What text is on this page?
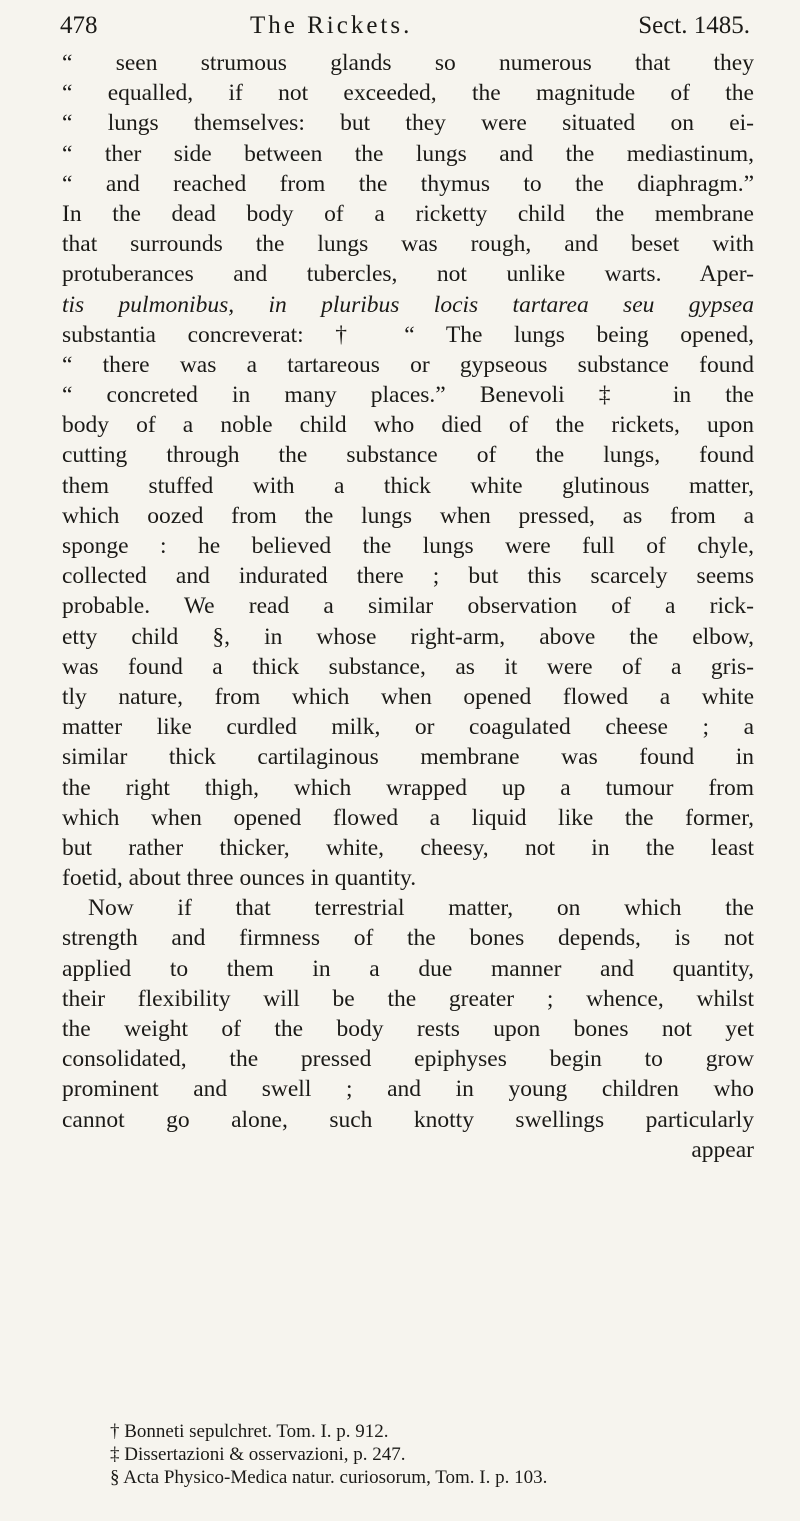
478	The Rickets.	Sect. 1485.
“ seen strumous glands so numerous that they
“ equalled, if not exceeded, the magnitude of the
“ lungs themselves: but they were situated on ei-
“ ther side between the lungs and the mediastinum,
“ and reached from the thymus to the diaphragm.”
In the dead body of a ricketty child the membrane
that surrounds the lungs was rough, and beset with
protuberances and tubercles, not unlike warts. Aper-
tis pulmonibus, in pluribus locis tartarea seu gypsea
substantia concreverat: † “ The lungs being opened,
“ there was a tartareous or gypseous substance found
“ concreted in many places.” Benevoli ‡ in the
body of a noble child who died of the rickets, upon
cutting through the substance of the lungs, found
them stuffed with a thick white glutinous matter,
which oozed from the lungs when pressed, as from a
sponge : he believed the lungs were full of chyle,
collected and indurated there ; but this scarcely seems
probable. We read a similar observation of a rick-
etty child §, in whose right-arm, above the elbow,
was found a thick substance, as it were of a gris-
tly nature, from which when opened flowed a white
matter like curdled milk, or coagulated cheese ; a
similar thick cartilaginous membrane was found in
the right thigh, which wrapped up a tumour from
which when opened flowed a liquid like the former,
but rather thicker, white, cheesy, not in the least
foetid, about three ounces in quantity.
Now if that terrestrial matter, on which the
strength and firmness of the bones depends, is not
applied to them in a due manner and quantity,
their flexibility will be the greater ; whence, whilst
the weight of the body rests upon bones not yet
consolidated, the pressed epiphyses begin to grow
prominent and swell ; and in young children who
cannot go alone, such knotty swellings particularly
appear
† Bonneti sepulchret. Tom. I. p. 912.
‡ Dissertazioni & osservazioni, p. 247.
§ Acta Physico-Medica natur. curiosorum, Tom. I. p. 103.
